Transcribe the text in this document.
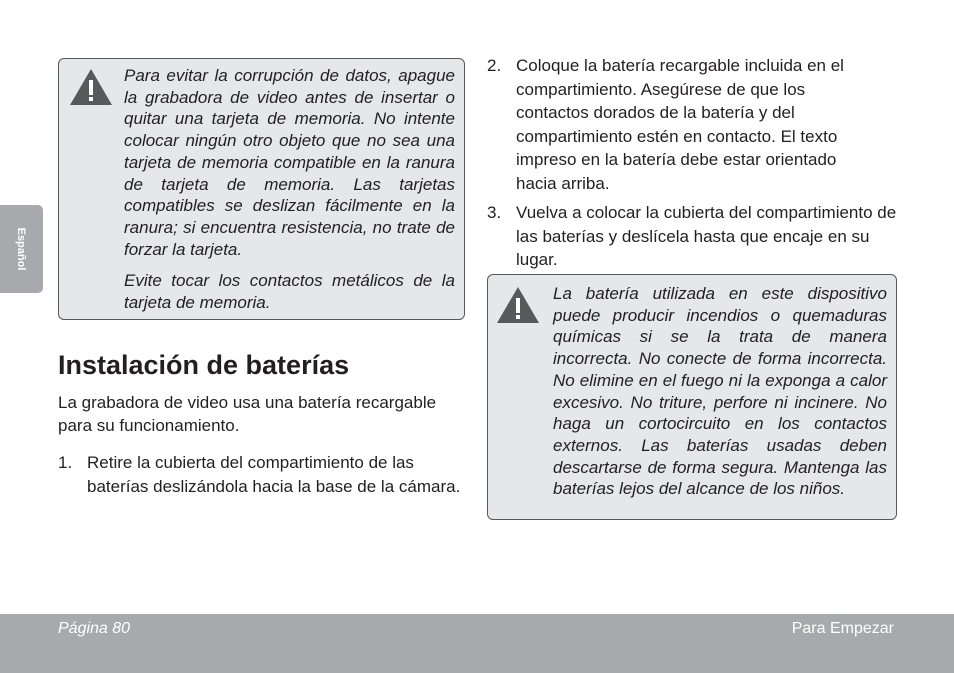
Español

Para evitar la corrupción de datos, apague la grabadora de video antes de insertar o quitar una tarjeta de memoria. No intente colocar ningún otro objeto que no sea una tarjeta de memoria compatible en la ranura de tarjeta de memoria. Las tarjetas compatibles se deslizan fácilmente en la ranura; si encuentra resistencia, no trate de forzar la tarjeta.

Evite tocar los contactos metálicos de la tarjeta de memoria.

Instalación de baterías

La grabadora de video usa una batería recargable para su funcionamiento.

1. Retire la cubierta del compartimiento de las baterías deslizándola hacia la base de la cámara.
2. Coloque la batería recargable incluida en el compartimiento. Asegúrese de que los contactos dorados de la batería y del compartimiento estén en contacto. El texto impreso en la batería debe estar orientado hacia arriba.
3. Vuelva a colocar la cubierta del compartimiento de las baterías y deslícela hasta que encaje en su lugar.

La batería utilizada en este dispositivo puede producir incendios o quemaduras químicas si se la trata de manera incorrecta. No conecte de forma incorrecta. No elimine en el fuego ni la exponga a calor excesivo. No triture, perfore ni incinere. No haga un cortocircuito en los contactos externos. Las baterías usadas deben descartarse de forma segura. Mantenga las baterías lejos del alcance de los niños.

Página 80	Para Empezar
